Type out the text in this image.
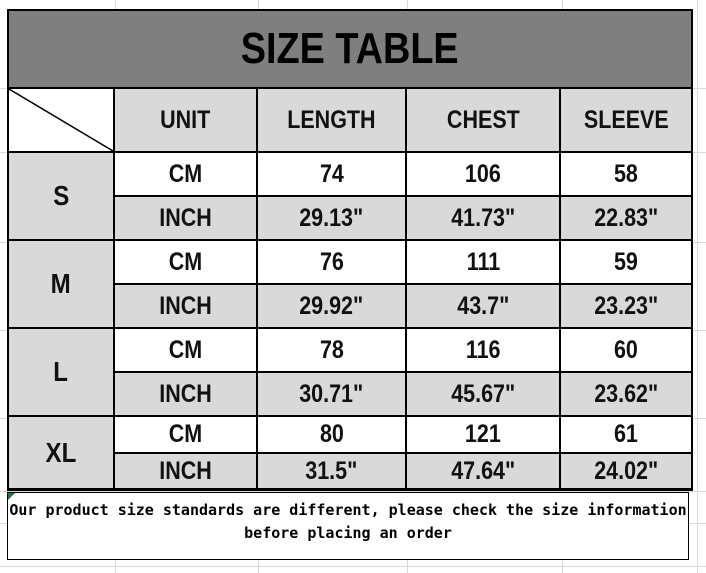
SIZE TABLE
UNIT	LENGTH	CHEST	SLEEVE
S
CM	74	106	58
INCH	29.13"	41.73"	22.83"
M
CM	76	111	59
INCH	29.92"	43.7"	23.23"
L
CM	78	116	60
INCH	30.71"	45.67"	23.62"
XL
CM	80	121	61
INCH	31.5"	47.64"	24.02"
Our product size standards are different, please check the size information
before placing an order
